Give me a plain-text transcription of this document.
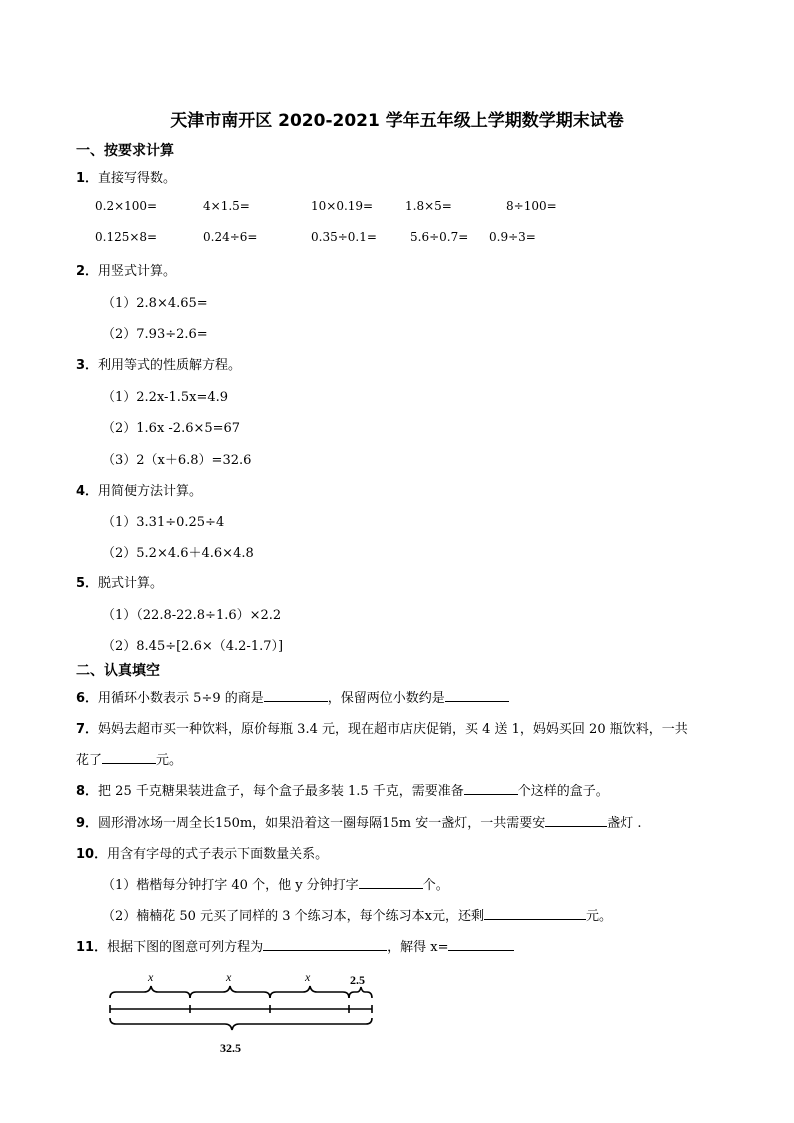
天津市南开区 2020-2021 学年五年级上学期数学期末试卷
一、按要求计算
1．直接写得数。
0.2×100=	4×1.5=	10×0.19=	1.8×5=	8÷100=
0.125×8=	0.24÷6=	0.35÷0.1=	5.6÷0.7= 0.9÷3=
2．用竖式计算。
（1）2.8×4.65=
（2）7.93÷2.6=
3．利用等式的性质解方程。
（1）2.2x-1.5x=4.9
（2）1.6x -2.6×5=67
（3）2（x＋6.8）=32.6
4．用简便方法计算。
（1）3.31÷0.25÷4
（2）5.2×4.6＋4.6×4.8
5．脱式计算。
（1）（22.8-22.8÷1.6）×2.2
（2）8.45÷[2.6×（4.2-1.7）]
二、认真填空
6．用循环小数表示 5÷9 的商是	，保留两位小数约是
7．妈妈去超市买一种饮料，原价每瓶 3.4 元，现在超市店庆促销，买 4 送 1，妈妈买回 20 瓶饮料，一共
花了	元。
8．把 25 千克糖果装进盒子，每个盒子最多装 1.5 千克，需要准备	个这样的盒子。
9．圆形滑冰场一周全长150m，如果沿着这一圈每隔15m 安一盏灯，一共需要安	盏灯 .
10．用含有字母的式子表示下面数量关系。
（1）楷楷每分钟打字 40 个，他 y 分钟打字	个。
（2）楠楠花 50 元买了同样的 3 个练习本，每个练习本x元，还剩	元。
11．根据下图的图意可列方程为	，解得 x=
x	x	x	2.5
32.5
